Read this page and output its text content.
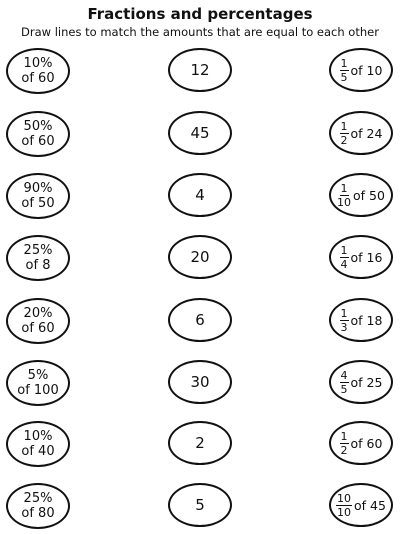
Fractions and percentages
Draw lines to match the amounts that are equal to each other
10%
of 60	12	$\frac{1}{5}$ of 10
50%
of 60	45	$\frac{1}{2}$ of 24
90%
of 50	4	$\frac{1}{10}$ of 50
25%
of 8	20	$\frac{1}{4}$ of 16
20%
of 60	6	$\frac{1}{3}$ of 18
5%
of 100	30	$\frac{4}{5}$ of 25
10%
of 40	2	$\frac{1}{2}$ of 60
25%
of 80	5	$\frac{10}{10}$ of 45
